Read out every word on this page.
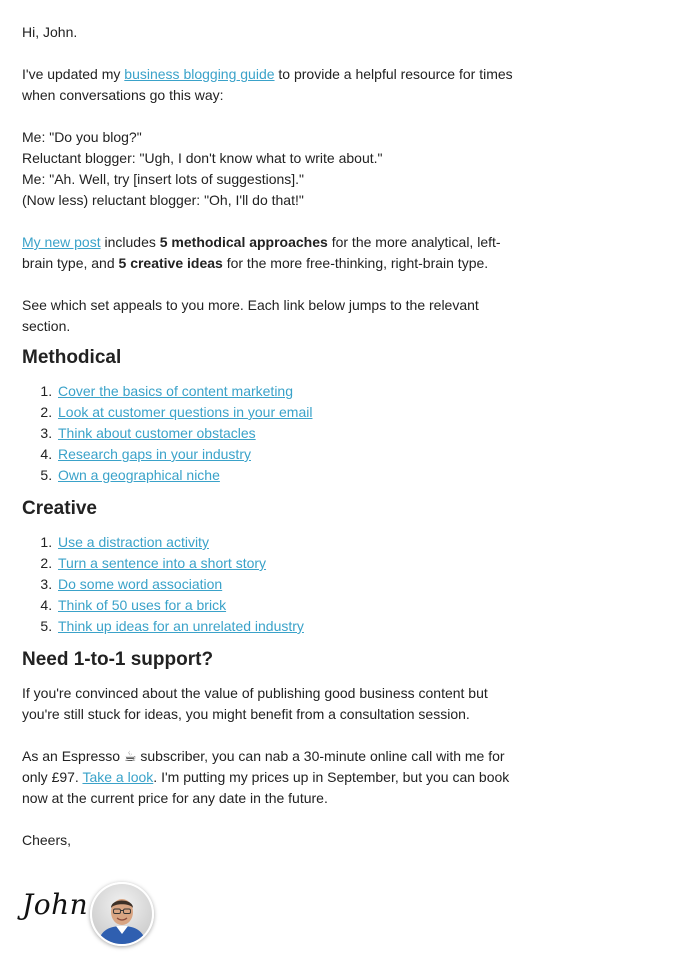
Hi, John.

I've updated my business blogging guide to provide a helpful resource for times when conversations go this way:

Me: "Do you blog?"

Reluctant blogger: "Ugh, I don't know what to write about."

Me: "Ah. Well, try [insert lots of suggestions]."

(Now less) reluctant blogger: "Oh, I'll do that!"

My new post includes 5 methodical approaches for the more analytical, left-brain type, and 5 creative ideas for the more free-thinking, right-brain type.

See which set appeals to you more. Each link below jumps to the relevant section.

Methodical
1. Cover the basics of content marketing
2. Look at customer questions in your email
3. Think about customer obstacles
4. Research gaps in your industry
5. Own a geographical niche
Creative
1. Use a distraction activity
2. Turn a sentence into a short story
3. Do some word association
4. Think of 50 uses for a brick
5. Think up ideas for an unrelated industry
Need 1-to-1 support?

If you're convinced about the value of publishing good business content but you're still stuck for ideas, you might benefit from a consultation session.

As an Espresso ☕ subscriber, you can nab a 30-minute online call with me for only £97. Take a look. I'm putting my prices up in September, but you can book now at the current price for any date in the future.

Cheers,

John
